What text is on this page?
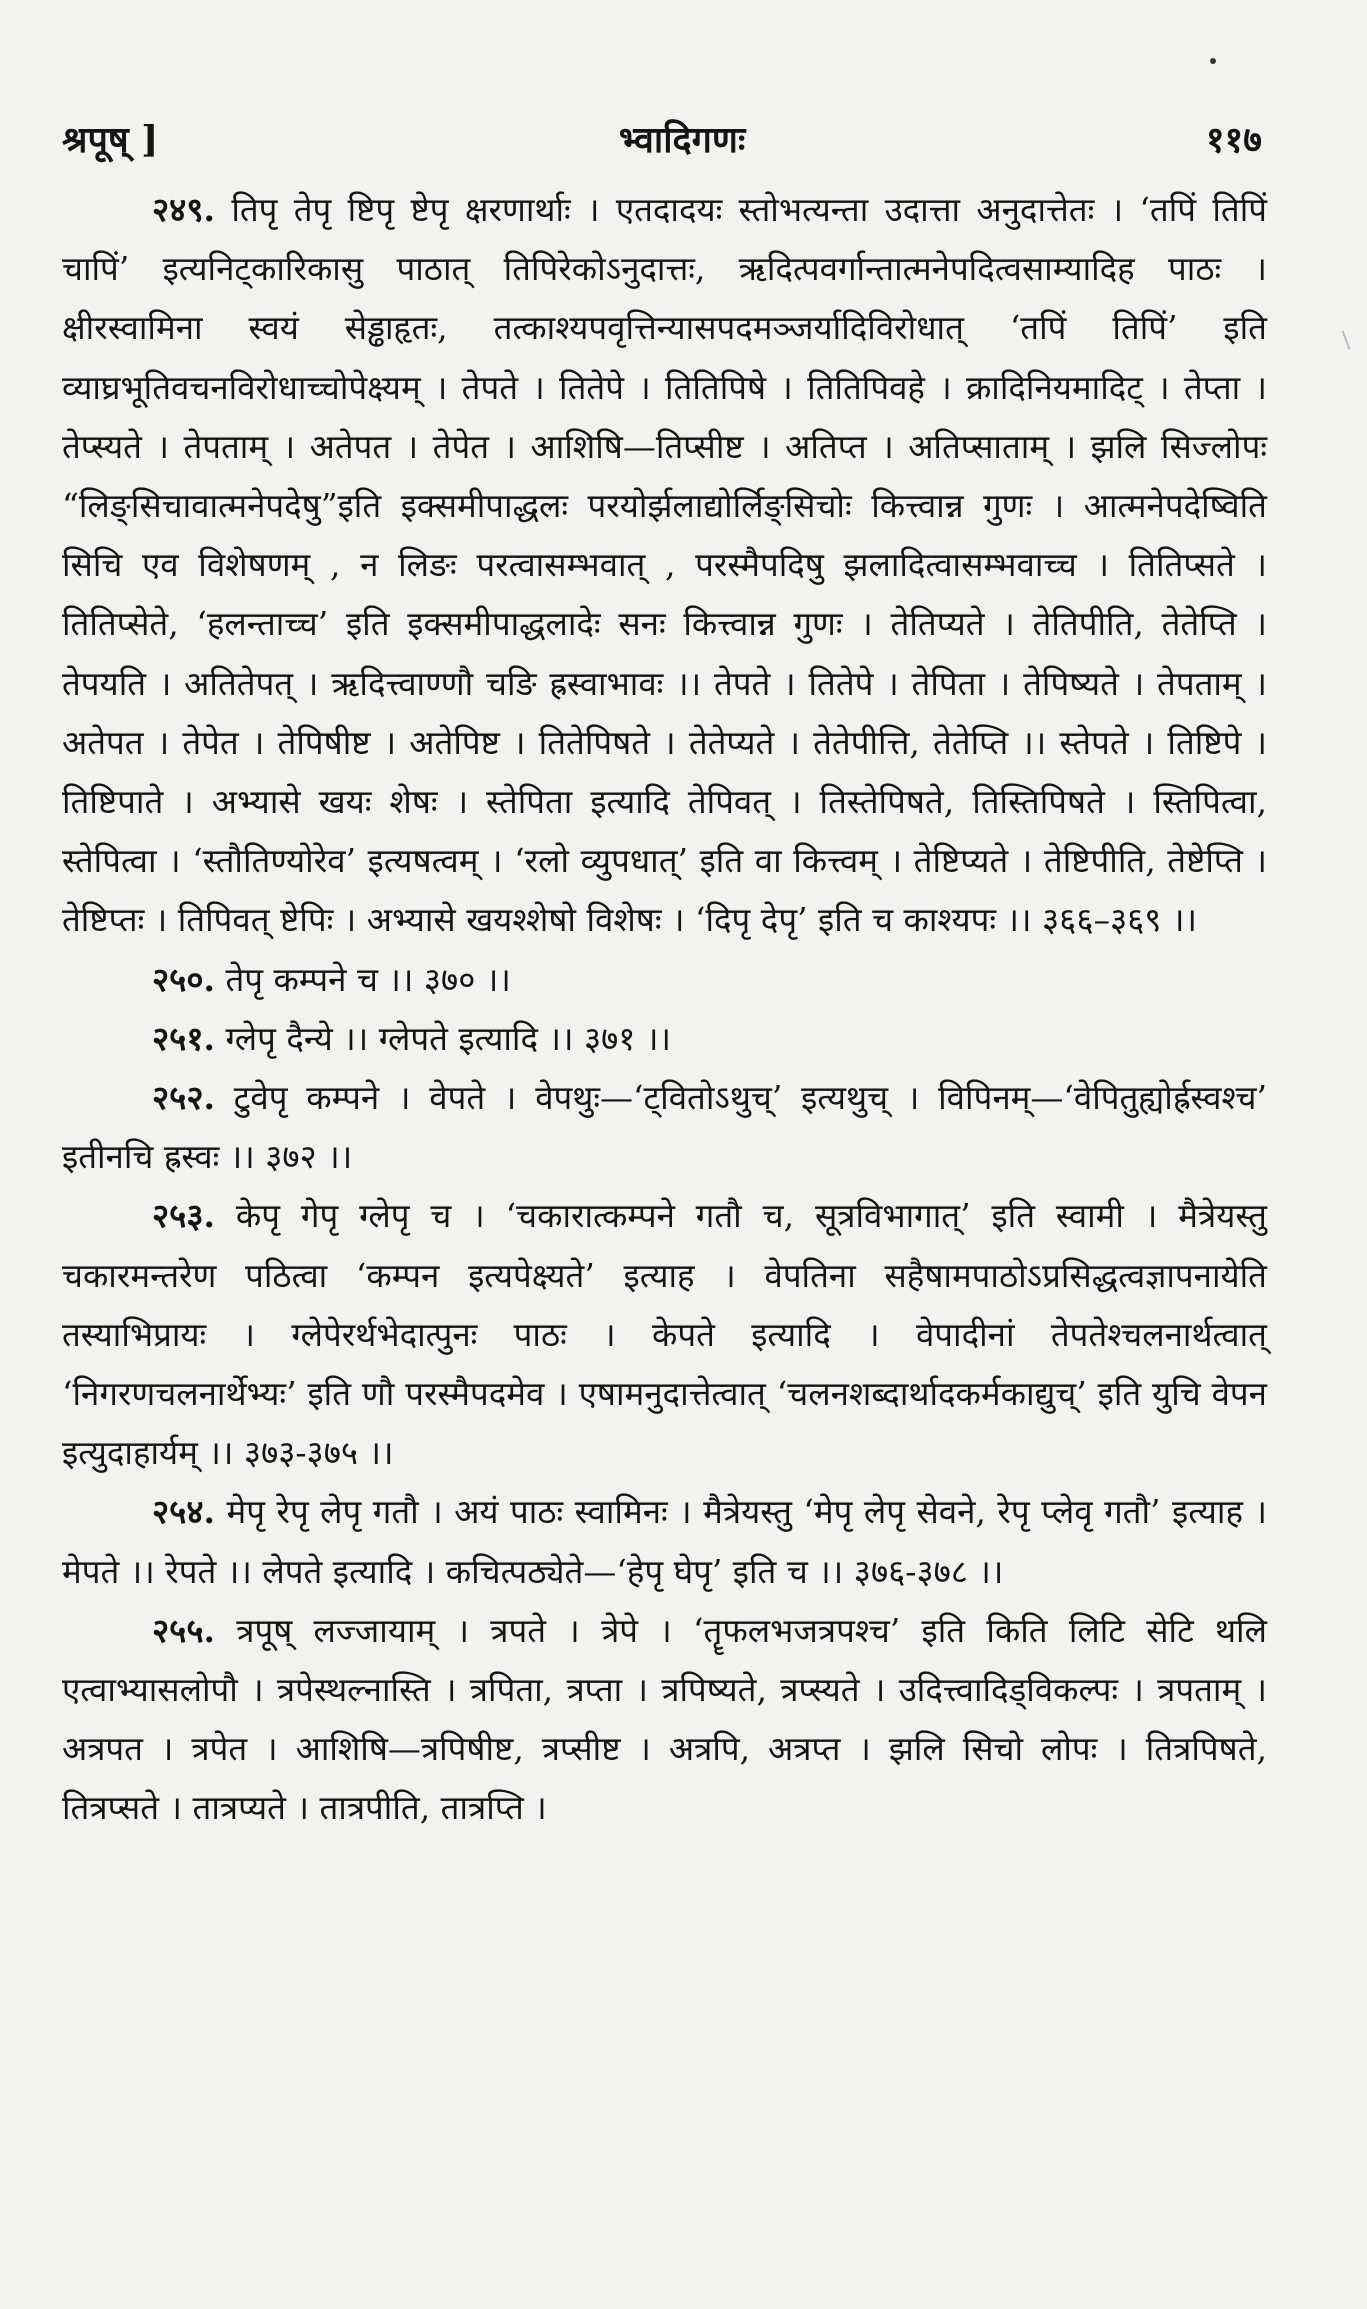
श्रपूष् ]	भ्वादिगणः	११७

२४९. तिपृ तेपृ ष्टिपृ ष्टेपृ क्षरणार्थाः । एतदादयः स्तोभत्यन्ता उदात्ता अनुदात्तेतः । ‘तपिं तिपिं चापिं’ इत्यनिट्कारिकासु पाठात् तिपिरेकोऽनुदात्तः, ऋदित्पवर्गान्तात्मनेपदित्वसाम्यादिह पाठः । क्षीरस्वामिना स्वयं सेड्ढाहृतः, तत्काश्यपवृत्तिन्यासपदमञ्जर्यादिविरोधात् ‘तपिं तिपिं’ इति व्याघ्रभूतिवचनविरोधाच्चोपेक्ष्यम् । तेपते । तितेपे । तितिपिषे । तितिपिवहे । क्रादिनियमादिट् । तेप्ता । तेप्स्यते । तेपताम् । अतेपत । तेपेत । आशिषि—तिप्सीष्ट । अतिप्त । अतिप्साताम् । झलि सिज्लोपः “लिङ्सिचावात्मनेपदेषु”इति इक्समीपाद्धलः परयोर्झलाद्योर्लिङ्सिचोः कित्त्वान्न गुणः । आत्मनेपदेष्विति सिचि एव विशेषणम् , न लिङः परत्वासम्भवात् , परस्मैपदिषु झलादित्वासम्भवाच्च । तितिप्सते । तितिप्सेते, ‘हलन्ताच्च’ इति इक्समीपाद्धलादेः सनः कित्त्वान्न गुणः । तेतिप्यते । तेतिपीति, तेतेप्ति । तेपयति । अतितेपत् । ऋदित्त्वाण्णौ चङि ह्रस्वाभावः ।। तेपते । तितेपे । तेपिता । तेपिष्यते । तेपताम् । अतेपत । तेपेत । तेपिषीष्ट । अतेपिष्ट । तितेपिषते । तेतेप्यते । तेतेपीत्ति, तेतेप्ति ।। स्तेपते । तिष्टिपे । तिष्टिपाते । अभ्यासे खयः शेषः । स्तेपिता इत्यादि तेपिवत् । तिस्तेपिषते, तिस्तिपिषते । स्तिपित्वा, स्तेपित्वा । ‘स्तौतिण्योरेव’ इत्यषत्वम् । ‘रलो व्युपधात्’ इति वा कित्त्वम् । तेष्टिप्यते । तेष्टिपीति, तेष्टेप्ति । तेष्टिप्तः । तिपिवत् ष्टेपिः । अभ्यासे खयश्शेषो विशेषः । ‘दिपृ देपृ’ इति च काश्यपः ।। ३६६–३६९ ।।

२५०. तेपृ कम्पने च ।। ३७० ।।

२५१. ग्लेपृ दैन्ये ।। ग्लेपते इत्यादि ।। ३७१ ।।

२५२. टुवेपृ कम्पने । वेपते । वेपथुः—‘ट्वितोऽथुच्’ इत्यथुच् । विपिनम्—‘वेपितुह्योर्ह्रस्वश्च’ इतीनचि ह्रस्वः ।। ३७२ ।।

२५३. केपृ गेपृ ग्लेपृ च । ‘चकारात्कम्पने गतौ च, सूत्रविभागात्’ इति स्वामी । मैत्रेयस्तु चकारमन्तरेण पठित्वा ‘कम्पन इत्यपेक्ष्यते’ इत्याह । वेपतिना सहैषामपाठोऽप्रसिद्धत्वज्ञापनायेति तस्याभिप्रायः । ग्लेपेरर्थभेदात्पुनः पाठः । केपते इत्यादि । वेपादीनां तेपतेश्चलनार्थत्वात् ‘निगरणचलनार्थेभ्यः’ इति णौ परस्मैपदमेव । एषामनुदात्तेत्वात् ‘चलनशब्दार्थादकर्मकाद्युच्’ इति युचि वेपन इत्युदाहार्यम् ।। ३७३-३७५ ।।

२५४. मेपृ रेपृ लेपृ गतौ । अयं पाठः स्वामिनः । मैत्रेयस्तु ‘मेपृ लेपृ सेवने, रेपृ प्लेवृ गतौ’ इत्याह । मेपते ।। रेपते ।। लेपते इत्यादि । कचित्पठ्येते—‘हेपृ घेपृ’ इति च ।। ३७६-३७८ ।।

२५५. त्रपूष् लज्जायाम् । त्रपते । त्रेपे । ‘तॄफलभजत्रपश्च’ इति किति लिटि सेटि थलि एत्वाभ्यासलोपौ । त्रपेस्थल्नास्ति । त्रपिता, त्रप्ता । त्रपिष्यते, त्रप्स्यते । उदित्त्वादिड्विकल्पः । त्रपताम् । अत्रपत । त्रपेत । आशिषि—त्रपिषीष्ट, त्रप्सीष्ट । अत्रपि, अत्रप्त । झलि सिचो लोपः । तित्रपिषते, तित्रप्सते । तात्रप्यते । तात्रपीति, तात्रप्ति ।
